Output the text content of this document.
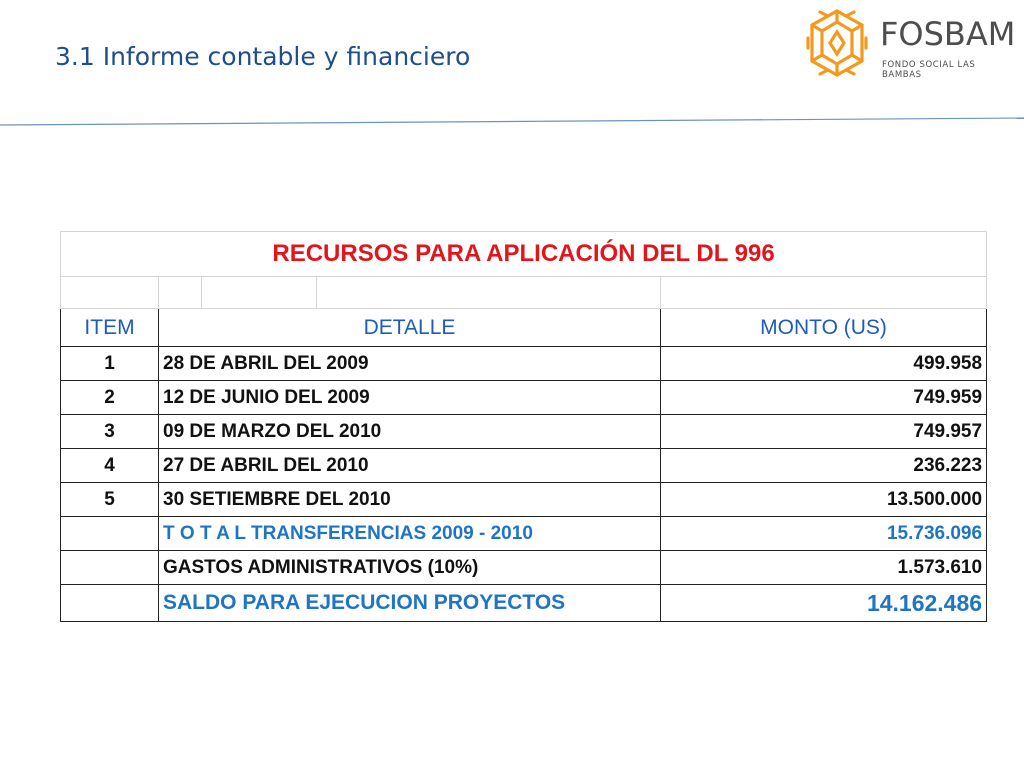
3.1 Informe contable y financiero
FOSBAM
FONDO SOCIAL LAS BAMBAS
RECURSOS PARA APLICACIÓN DEL DL 996				

ITEM	DETALLE			MONTO (US)
1	28 DE ABRIL DEL 2009			499.958
2	12 DE JUNIO DEL 2009			749.959
3	09 DE MARZO DEL 2010			749.957
4	27 DE ABRIL DEL 2010			236.223
5	30 SETIEMBRE DEL 2010			13.500.000
	T O T A L TRANSFERENCIAS 2009 - 2010			15.736.096
	GASTOS ADMINISTRATIVOS (10%)			1.573.610
	SALDO PARA EJECUCION PROYECTOS			14.162.486
